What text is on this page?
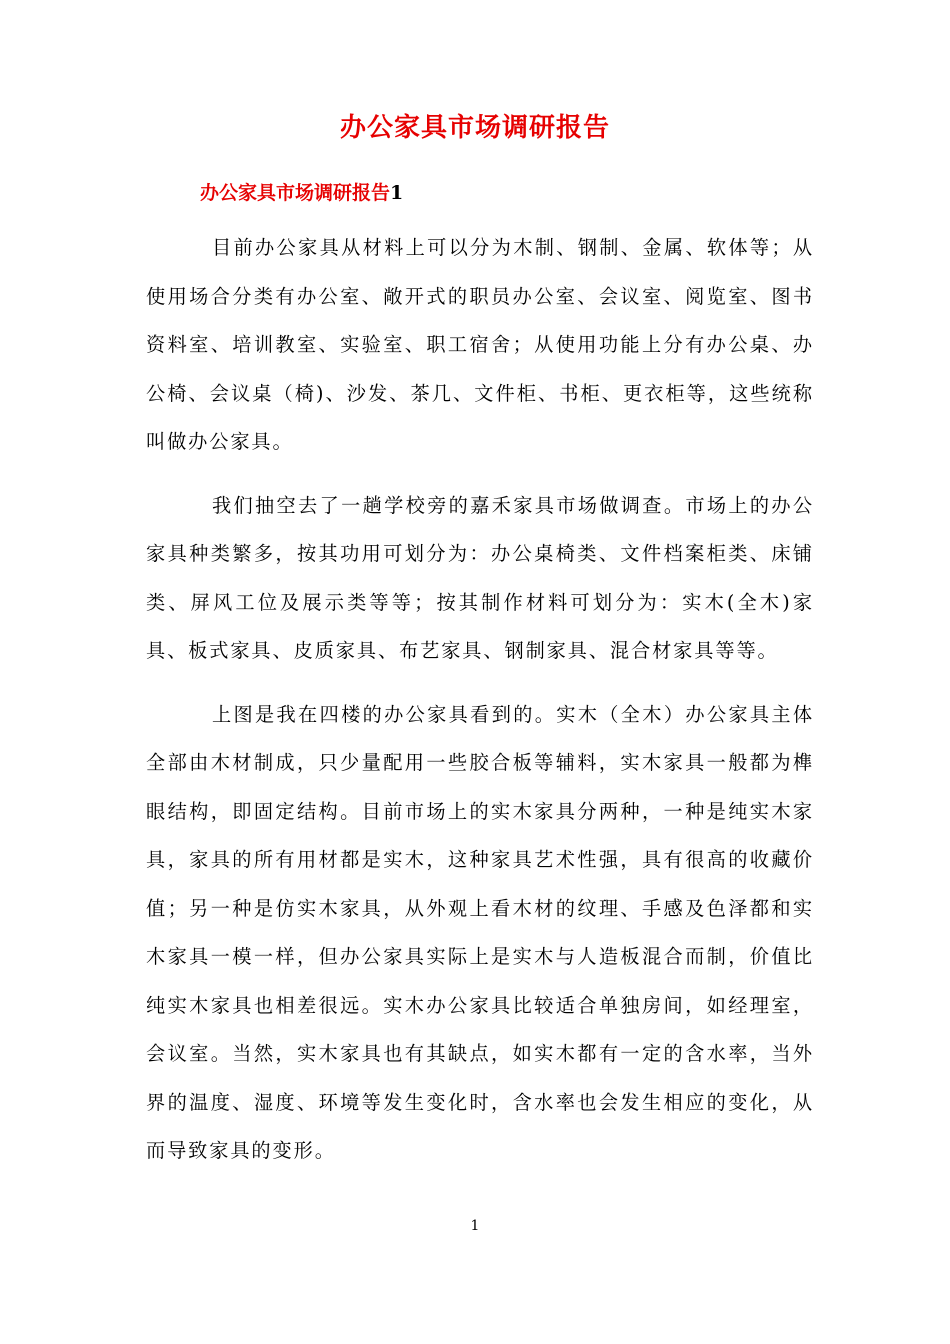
办公家具市场调研报告
办公家具市场调研报告1

目前办公家具从材料上可以分为木制、钢制、金属、软体等；从使用场合分类有办公室、敞开式的职员办公室、会议室、阅览室、图书资料室、培训教室、实验室、职工宿舍；从使用功能上分有办公桌、办公椅、会议桌（椅)、沙发、茶几、文件柜、书柜、更衣柜等，这些统称叫做办公家具。

我们抽空去了一趟学校旁的嘉禾家具市场做调查。市场上的办公家具种类繁多，按其功用可划分为：办公桌椅类、文件档案柜类、床铺类、屏风工位及展示类等等；按其制作材料可划分为：实木(全木)家具、板式家具、皮质家具、布艺家具、钢制家具、混合材家具等等。

上图是我在四楼的办公家具看到的。实木（全木）办公家具主体全部由木材制成，只少量配用一些胶合板等辅料，实木家具一般都为榫眼结构，即固定结构。目前市场上的实木家具分两种，一种是纯实木家具，家具的所有用材都是实木，这种家具艺术性强，具有很高的收藏价值；另一种是仿实木家具，从外观上看木材的纹理、手感及色泽都和实木家具一模一样，但办公家具实际上是实木与人造板混合而制，价值比纯实木家具也相差很远。实木办公家具比较适合单独房间，如经理室，会议室。当然，实木家具也有其缺点，如实木都有一定的含水率，当外界的温度、湿度、环境等发生变化时，含水率也会发生相应的变化，从而导致家具的变形。

1
